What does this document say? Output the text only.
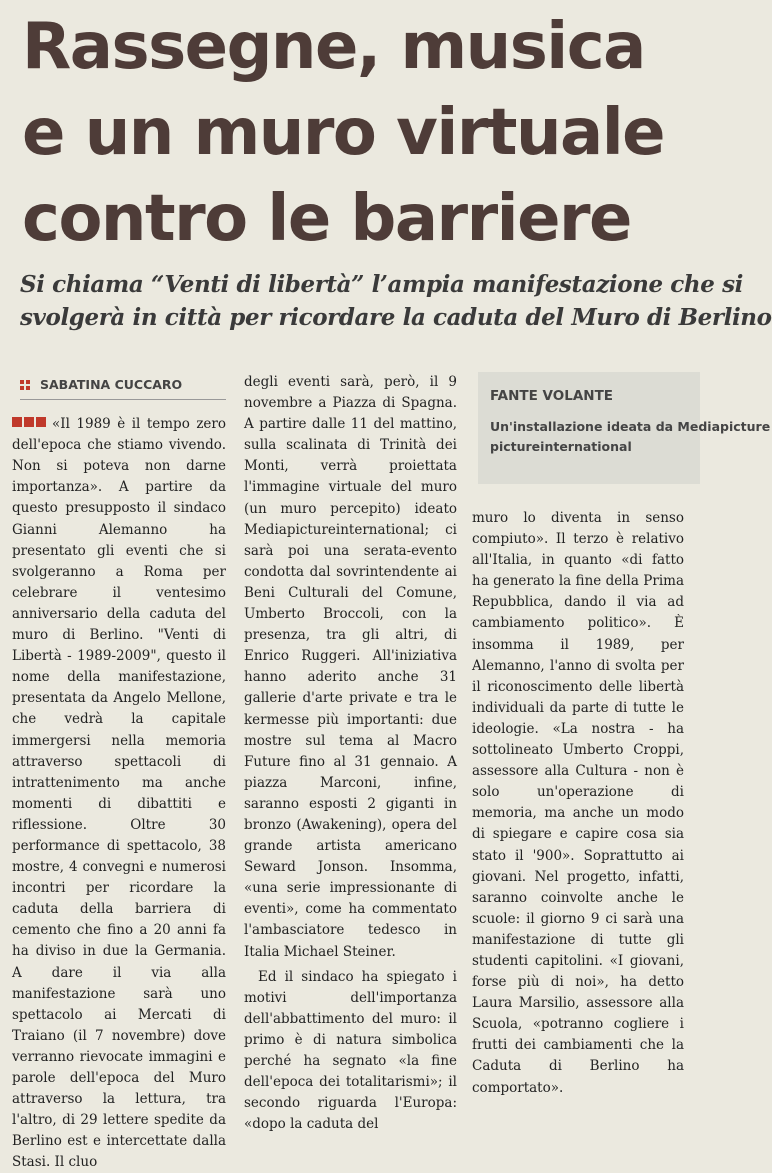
Rassegne, musica
e un muro virtuale
contro le barriere
Si chiama “Venti di libertà” l’ampia manifestazione che si
svolgerà in città per ricordare la caduta del Muro di Berlino
SABATINA CUCCARO

«Il 1989 è il tempo zero dell'epoca che stiamo vivendo. Non si poteva non darne importanza». A partire da questo presupposto il sindaco Gianni Alemanno ha presentato gli eventi che si svolgeranno a Roma per celebrare il ventesimo anniversario della caduta del muro di Berlino. "Venti di Libertà - 1989-2009", questo il nome della manifestazione, presentata da Angelo Mellone, che vedrà la capitale immergersi nella memoria attraverso spettacoli di intrattenimento ma anche momenti di dibattiti e riflessione. Oltre 30 performance di spettacolo, 38 mostre, 4 convegni e numerosi incontri per ricordare la caduta della barriera di cemento che fino a 20 anni fa ha diviso in due la Germania. A dare il via alla manifestazione sarà uno spettacolo ai Mercati di Traiano (il 7 novembre) dove verranno rievocate immagini e parole dell'epoca del Muro attraverso la lettura, tra l'altro, di 29 lettere spedite da Berlino est e intercettate dalla Stasi. Il cluo

degli eventi sarà, però, il 9 novembre a Piazza di Spagna. A partire dalle 11 del mattino, sulla scalinata di Trinità dei Monti, verrà proiettata l'immagine virtuale del muro (un muro percepito) ideato Mediapictureinternational; ci sarà poi una serata-evento condotta dal sovrintendente ai Beni Culturali del Comune, Umberto Broccoli, con la presenza, tra gli altri, di Enrico Ruggeri. All'iniziativa hanno aderito anche 31 gallerie d'arte private e tra le kermesse più importanti: due mostre sul tema al Macro Future fino al 31 gennaio. A piazza Marconi, infine, saranno esposti 2 giganti in bronzo (Awakening), opera del grande artista americano Seward Jonson. Insomma, «una serie impressionante di eventi», come ha commentato l'ambasciatore tedesco in Italia Michael Steiner.

Ed il sindaco ha spiegato i motivi dell'importanza dell'abbattimento del muro: il primo è di natura simbolica perché ha segnato «la fine dell'epoca dei totalitarismi»; il secondo riguarda l'Europa: «dopo la caduta del

FANTE VOLANTE
Un'installazione ideata da Mediapicture
pictureinternational

muro lo diventa in senso compiuto». Il terzo è relativo all'Italia, in quanto «di fatto ha generato la fine della Prima Repubblica, dando il via ad cambiamento politico». È insomma il 1989, per Alemanno, l'anno di svolta per il riconoscimento delle libertà individuali da parte di tutte le ideologie. «La nostra - ha sottolineato Umberto Croppi, assessore alla Cultura - non è solo un'operazione di memoria, ma anche un modo di spiegare e capire cosa sia stato il '900». Soprattutto ai giovani. Nel progetto, infatti, saranno coinvolte anche le scuole: il giorno 9 ci sarà una manifestazione di tutte gli studenti capitolini. «I giovani, forse più di noi», ha detto Laura Marsilio, assessore alla Scuola, «potranno cogliere i frutti dei cambiamenti che la Caduta di Berlino ha comportato».
